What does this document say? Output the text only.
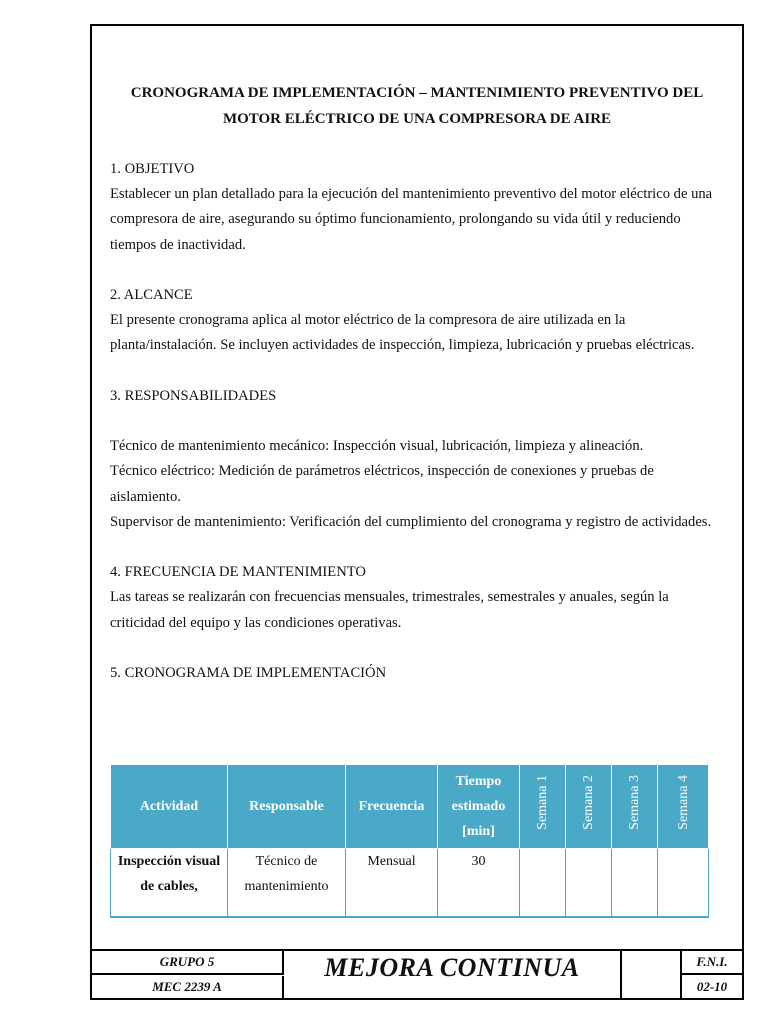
CRONOGRAMA DE IMPLEMENTACIÓN – MANTENIMIENTO PREVENTIVO DEL
MOTOR ELÉCTRICO DE UNA COMPRESORA DE AIRE

1. OBJETIVO

Establecer un plan detallado para la ejecución del mantenimiento preventivo del motor eléctrico de una compresora de aire, asegurando su óptimo funcionamiento, prolongando su vida útil y reduciendo tiempos de inactividad.

2. ALCANCE

El presente cronograma aplica al motor eléctrico de la compresora de aire utilizada en la planta/instalación. Se incluyen actividades de inspección, limpieza, lubricación y pruebas eléctricas.

3. RESPONSABILIDADES

Técnico de mantenimiento mecánico: Inspección visual, lubricación, limpieza y alineación.

Técnico eléctrico: Medición de parámetros eléctricos, inspección de conexiones y pruebas de aislamiento.

Supervisor de mantenimiento: Verificación del cumplimiento del cronograma y registro de actividades.

4. FRECUENCIA DE MANTENIMIENTO

Las tareas se realizarán con frecuencias mensuales, trimestrales, semestrales y anuales, según la criticidad del equipo y las condiciones operativas.

5. CRONOGRAMA DE IMPLEMENTACIÓN

Actividad	Responsable	Frecuencia	Tiempo estimado [min]	Semana 1	Semana 2	Semana 3	Semana 4
Inspección visual de cables,	Técnico de mantenimiento	Mensual	30				
GRUPO 5
MEC 2239 A
MEJORA CONTINUA	F.N.I.
02-10
